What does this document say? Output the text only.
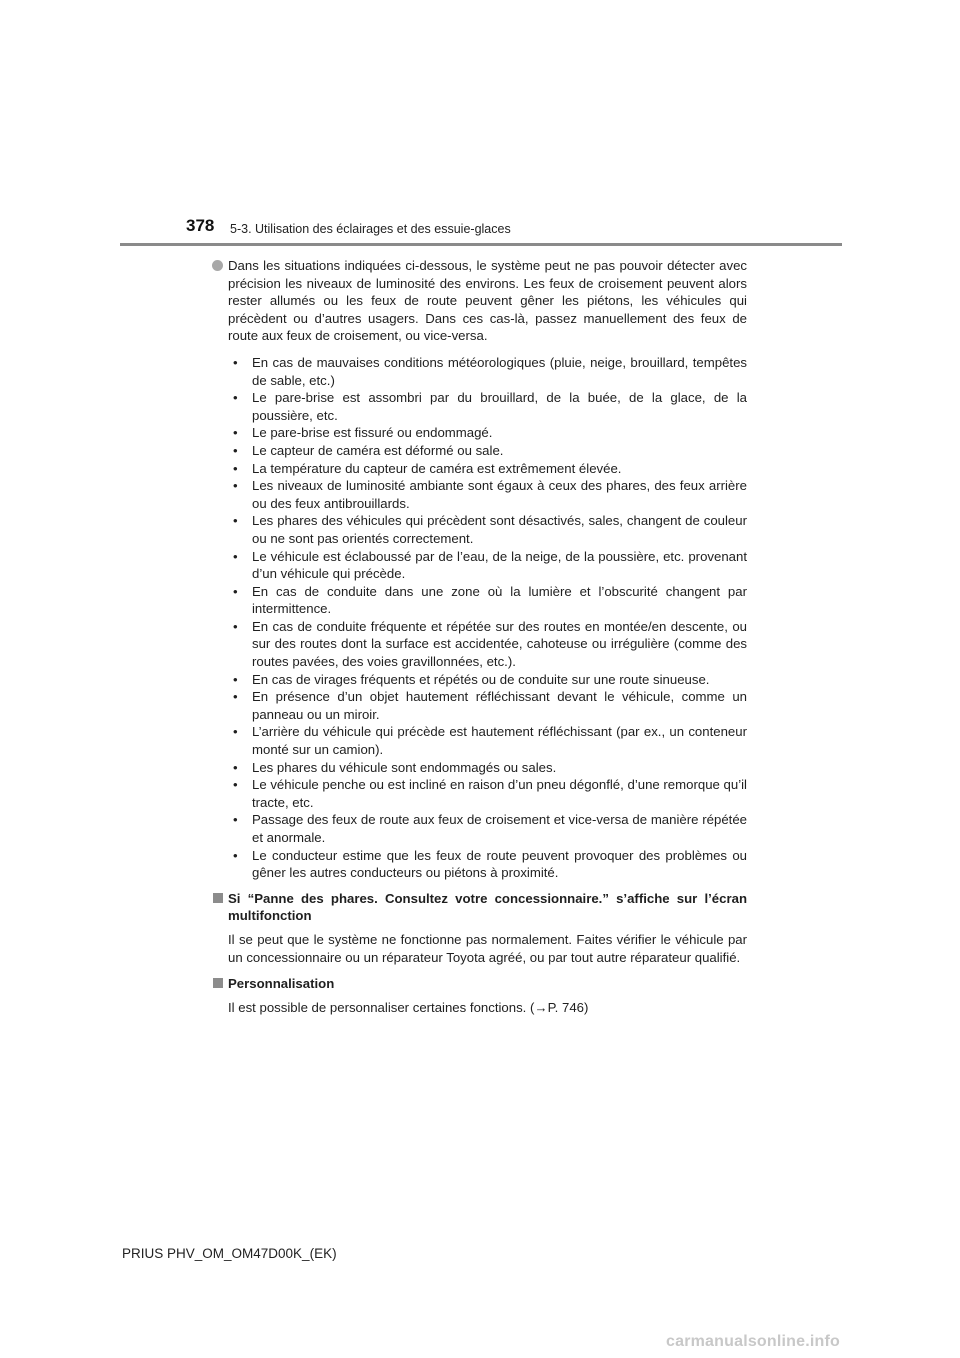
378 5-3. Utilisation des éclairages et des essuie-glaces

Dans les situations indiquées ci-dessous, le système peut ne pas pouvoir détecter avec précision les niveaux de luminosité des environs. Les feux de croisement peuvent alors rester allumés ou les feux de route peuvent gêner les piétons, les véhicules qui précèdent ou d’autres usagers. Dans ces cas-là, passez manuellement des feux de route aux feux de croisement, ou vice-versa.

• En cas de mauvaises conditions météorologiques (pluie, neige, brouillard, tempêtes de sable, etc.)
• Le pare-brise est assombri par du brouillard, de la buée, de la glace, de la poussière, etc.
• Le pare-brise est fissuré ou endommagé.
• Le capteur de caméra est déformé ou sale.
• La température du capteur de caméra est extrêmement élevée.
• Les niveaux de luminosité ambiante sont égaux à ceux des phares, des feux arrière ou des feux antibrouillards.
• Les phares des véhicules qui précèdent sont désactivés, sales, changent de couleur ou ne sont pas orientés correctement.
• Le véhicule est éclaboussé par de l’eau, de la neige, de la poussière, etc. provenant d’un véhicule qui précède.
• En cas de conduite dans une zone où la lumière et l’obscurité changent par intermittence.
• En cas de conduite fréquente et répétée sur des routes en montée/en descente, ou sur des routes dont la surface est accidentée, cahoteuse ou irrégulière (comme des routes pavées, des voies gravillonnées, etc.).
• En cas de virages fréquents et répétés ou de conduite sur une route sinueuse.
• En présence d’un objet hautement réfléchissant devant le véhicule, comme un panneau ou un miroir.
• L’arrière du véhicule qui précède est hautement réfléchissant (par ex., un conteneur monté sur un camion).
• Les phares du véhicule sont endommagés ou sales.
• Le véhicule penche ou est incliné en raison d’un pneu dégonflé, d’une remorque qu’il tracte, etc.
• Passage des feux de route aux feux de croisement et vice-versa de manière répétée et anormale.
• Le conducteur estime que les feux de route peuvent provoquer des problèmes ou gêner les autres conducteurs ou piétons à proximité.
Si “Panne des phares. Consultez votre concessionnaire.” s’affiche sur l’écran multifonction
Il se peut que le système ne fonctionne pas normalement. Faites vérifier le véhicule par un concessionnaire ou un réparateur Toyota agréé, ou par tout autre réparateur qualifié.
Personnalisation
Il est possible de personnaliser certaines fonctions. (→P. 746)
PRIUS PHV_OM_OM47D00K_(EK)
carmanualsonline.info
